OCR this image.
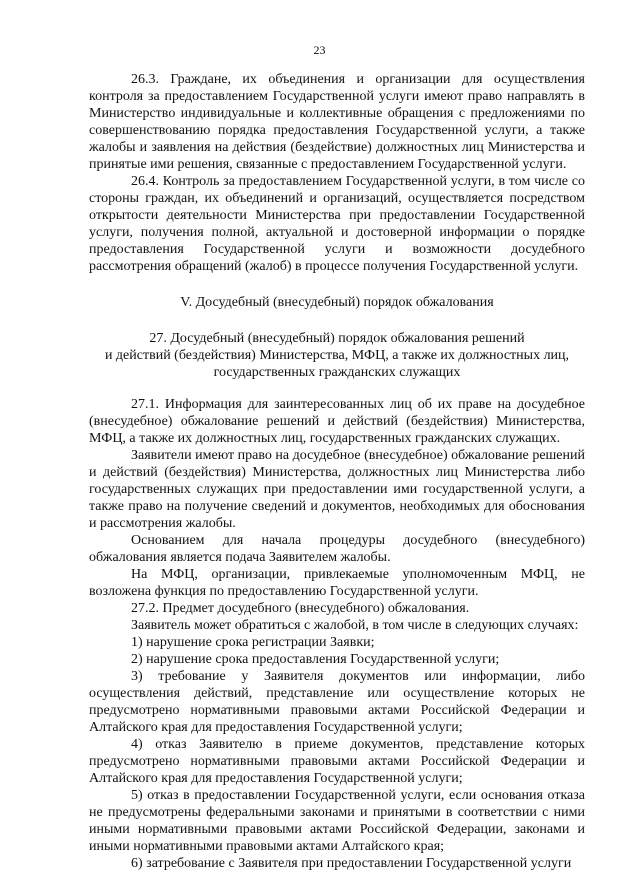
23

26.3. Граждане, их объединения и организации для осуществления контроля за предоставлением Государственной услуги имеют право направлять в Министерство индивидуальные и коллективные обращения с предложениями по совершенствованию порядка предоставления Государственной услуги, а также жалобы и заявления на действия (бездействие) должностных лиц Министерства и принятые ими решения, связанные с предоставлением Государственной услуги.

26.4. Контроль за предоставлением Государственной услуги, в том числе со стороны граждан, их объединений и организаций, осуществляется посредством открытости деятельности Министерства при предоставлении Государственной услуги, получения полной, актуальной и достоверной информации о порядке предоставления Государственной услуги и возможности досудебного рассмотрения обращений (жалоб) в процессе получения Государственной услуги.

V. Досудебный (внесудебный) порядок обжалования

27. Досудебный (внесудебный) порядок обжалования решений

и действий (бездействия) Министерства, МФЦ, а также их должностных лиц,

государственных гражданских служащих

27.1. Информация для заинтересованных лиц об их праве на досудебное (внесудебное) обжалование решений и действий (бездействия) Министерства, МФЦ, а также их должностных лиц, государственных гражданских служащих.

Заявители имеют право на досудебное (внесудебное) обжалование решений и действий (бездействия) Министерства, должностных лиц Министерства либо государственных служащих при предоставлении ими государственной услуги, а также право на получение сведений и документов, необходимых для обоснования и рассмотрения жалобы.

Основанием для начала процедуры досудебного (внесудебного) обжалования является подача Заявителем жалобы.

На МФЦ, организации, привлекаемые уполномоченным МФЦ, не возложена функция по предоставлению Государственной услуги.

27.2. Предмет досудебного (внесудебного) обжалования.

Заявитель может обратиться с жалобой, в том числе в следующих случаях:

1) нарушение срока регистрации Заявки;

2) нарушение срока предоставления Государственной услуги;

3) требование у Заявителя документов или информации, либо осуществления действий, представление или осуществление которых не предусмотрено нормативными правовыми актами Российской Федерации и Алтайского края для предоставления Государственной услуги;

4) отказ Заявителю в приеме документов, представление которых предусмотрено нормативными правовыми актами Российской Федерации и Алтайского края для предоставления Государственной услуги;

5) отказ в предоставлении Государственной услуги, если основания отказа не предусмотрены федеральными законами и принятыми в соответствии с ними иными нормативными правовыми актами Российской Федерации, законами и иными нормативными правовыми актами Алтайского края;

6) затребование с Заявителя при предоставлении Государственной услуги
